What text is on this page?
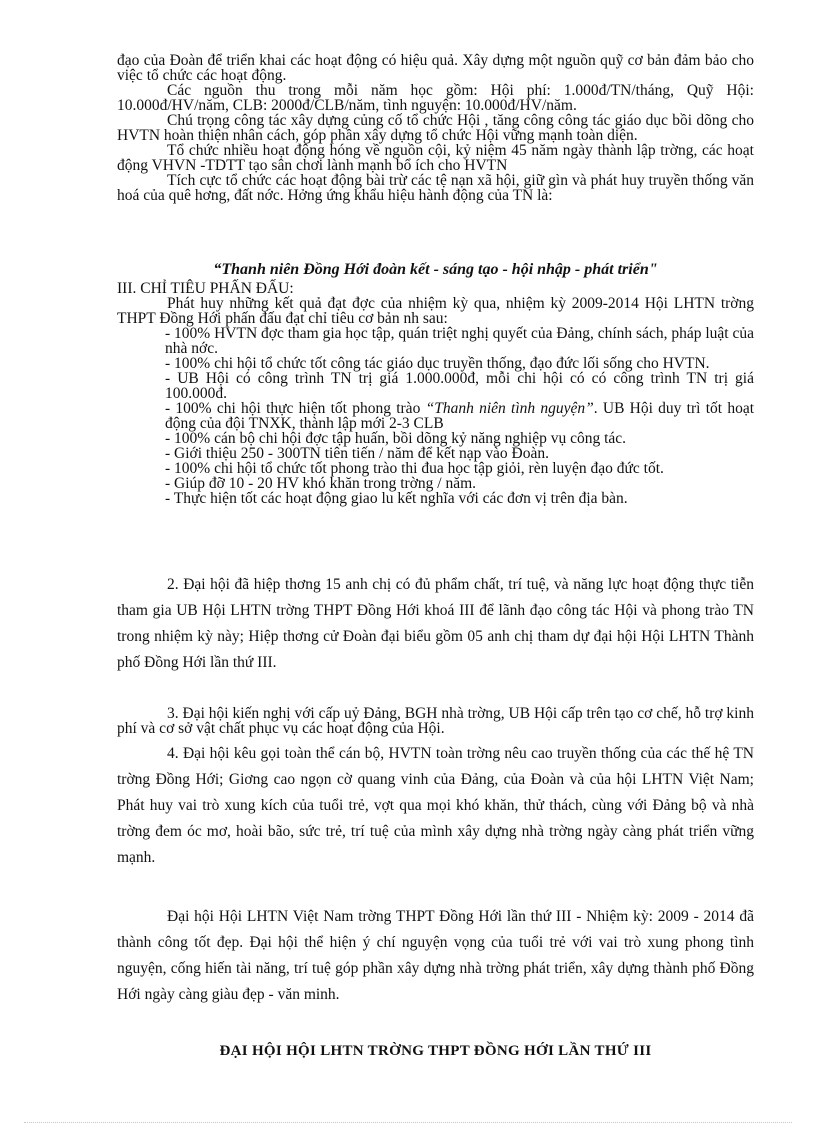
đạo của Đoàn để triển khai các hoạt động có hiệu quả. Xây dựng một nguồn quỹ cơ bản đảm bảo cho việc tổ chức các hoạt động.

Các nguồn thu trong mỗi năm học gồm: Hội phí: 1.000đ/TN/tháng, Quỹ Hội: 10.000đ/HV/năm, CLB: 2000đ/CLB/năm, tình nguyện: 10.000đ/HV/năm.

Chú trọng công tác xây dựng củng cố tổ chức Hội , tăng công công tác giáo dục bồi dõng cho HVTN hoàn thiện nhân cách, góp phần xây dựng tổ chức Hội vững mạnh toàn diện.

Tổ chức nhiều hoạt động hóng về nguồn cội, kỷ niệm 45 năm ngày thành lập trờng, các hoạt động VHVN -TDTT tạo sân chơi lành mạnh bổ ích cho HVTN

Tích cực tổ chức các hoạt động bài trừ các tệ nạn xã hội, giữ gìn và phát huy truyền thống văn hoá của quê hơng, đất nớc. Hởng ứng khẩu hiệu hành động của TN là:

“Thanh niên Đồng Hới đoàn kết - sáng tạo - hội nhập - phát triển"
III. CHỈ TIÊU PHẤN ĐẤU:

Phát huy những kết quả đạt đợc của nhiệm kỳ qua, nhiệm kỳ 2009-2014 Hội LHTN trờng THPT Đồng Hới phấn đấu đạt chỉ tiêu cơ bản nh sau:

- 100% HVTN đợc tham gia học tập, quán triệt nghị quyết của Đảng, chính sách, pháp luật của nhà nớc.

- 100% chi hội tổ chức tốt công tác giáo dục truyền thống, đạo đức lối sống cho HVTN.

- UB Hội có công trình TN trị giá 1.000.000đ, mỗi chi hội có có công trình TN trị giá 100.000đ.

- 100% chi hội thực hiện tốt phong trào “Thanh niên tình nguyện”. UB Hội duy trì tốt hoạt động của đội TNXK, thành lập mới 2-3 CLB

- 100% cán bộ chi hội đợc tập huấn, bồi dõng kỷ năng nghiệp vụ công tác.

- Giới thiệu 250 - 300TN tiên tiến / năm để kết nạp vào Đoàn.

- 100% chi hội tổ chức tốt phong trào thi đua học tập giỏi, rèn luyện đạo đức tốt.

- Giúp đỡ 10 - 20 HV khó khăn trong trờng / năm.

- Thực hiện tốt các hoạt động giao lu kết nghĩa với các đơn vị trên địa bàn.

2. Đại hội đã hiệp thơng 15 anh chị có đủ phẩm chất, trí tuệ, và năng lực hoạt động thực tiễn tham gia UB Hội LHTN trờng THPT Đồng Hới khoá III để lãnh đạo công tác Hội và phong trào TN trong nhiệm kỳ này; Hiệp thơng cử Đoàn đại biểu gồm 05 anh chị tham dự đại hội Hội LHTN Thành phố Đồng Hới lần thứ III.

3. Đại hội kiến nghị với cấp uỷ Đảng, BGH nhà trờng, UB Hội cấp trên tạo cơ chế, hỗ trợ kinh phí và cơ sở vật chất phục vụ các hoạt động của Hội.

4. Đại hội kêu gọi toàn thể cán bộ, HVTN toàn trờng nêu cao truyền thống của các thế hệ TN trờng Đồng Hới; Giơng cao ngọn cờ quang vinh của Đảng, của Đoàn và của hội LHTN Việt Nam; Phát huy vai trò xung kích của tuổi trẻ, vợt qua mọi khó khăn, thử thách, cùng với Đảng bộ và nhà trờng đem óc mơ, hoài bão, sức trẻ, trí tuệ của mình xây dựng nhà trờng ngày càng phát triển vững mạnh.

Đại hội Hội LHTN Việt Nam trờng THPT Đồng Hới lần thứ III - Nhiệm kỳ: 2009 - 2014 đã thành công tốt đẹp. Đại hội thể hiện ý chí nguyện vọng của tuổi trẻ với vai trò xung phong tình nguyện, cống hiến tài năng, trí tuệ góp phần xây dựng nhà trờng phát triển, xây dựng thành phố Đồng Hới ngày càng giàu đẹp - văn minh.

ĐẠI HỘI HỘI LHTN TRỜNG THPT ĐỒNG HỚI LẦN THỨ III
